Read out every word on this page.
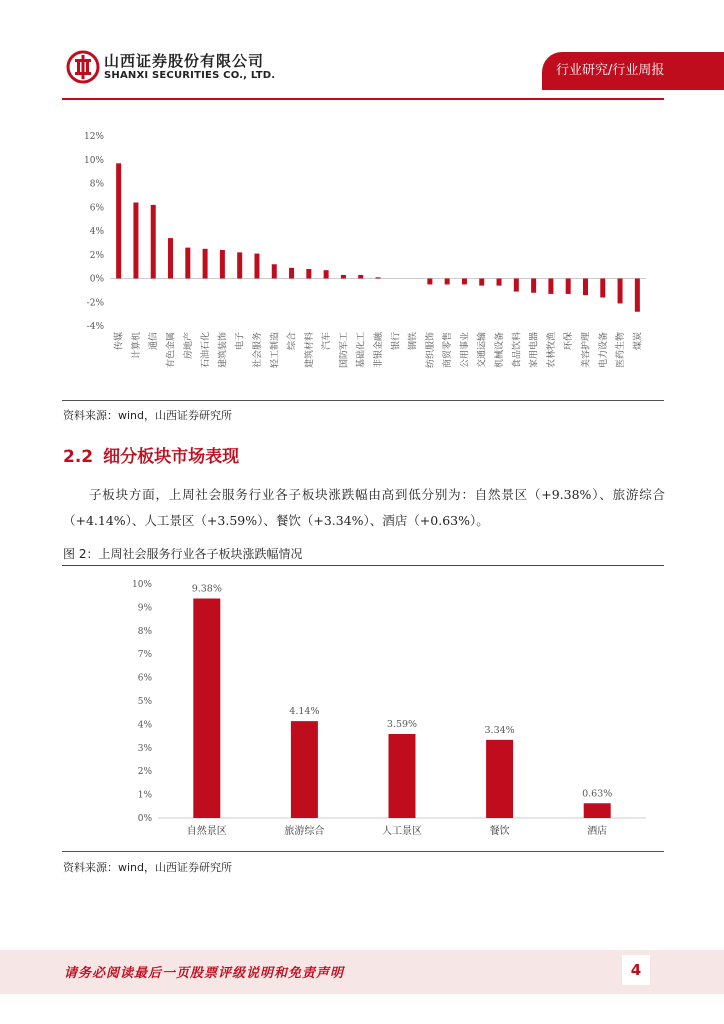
山西证券股份有限公司
SHANXI SECURITIES CO., LTD.	行业研究/行业周报
12%
10%
8%
6%
4%
2%
0%
-2%
-4%
传媒 计算机 通信 有色金属 房地产 石油石化 建筑装饰 电子 社会服务 轻工制造 综合 建筑材料 汽车 国防军工 基础化工 非银金融 银行 钢铁 纺织服饰 商贸零售 公用事业 交通运输 机械设备 食品饮料 家用电器 农林牧渔 环保 美容护理 电力设备 医药生物 煤炭
资料来源：wind，山西证券研究所
2.2 细分板块市场表现
子板块方面，上周社会服务行业各子板块涨跌幅由高到低分别为：自然景区（+9.38%）、旅游综合（+4.14%）、人工景区（+3.59%）、餐饮（+3.34%）、酒店（+0.63%）。
图 2：上周社会服务行业各子板块涨跌幅情况
10%
9%
8%
7%
6%
5%
4%
3%
2%
1%
0%
9.38%
自然景区
4.14%
旅游综合
3.59%
人工景区
3.34%
餐饮
0.63%
酒店
资料来源：wind，山西证券研究所
请务必阅读最后一页股票评级说明和免责声明	4
